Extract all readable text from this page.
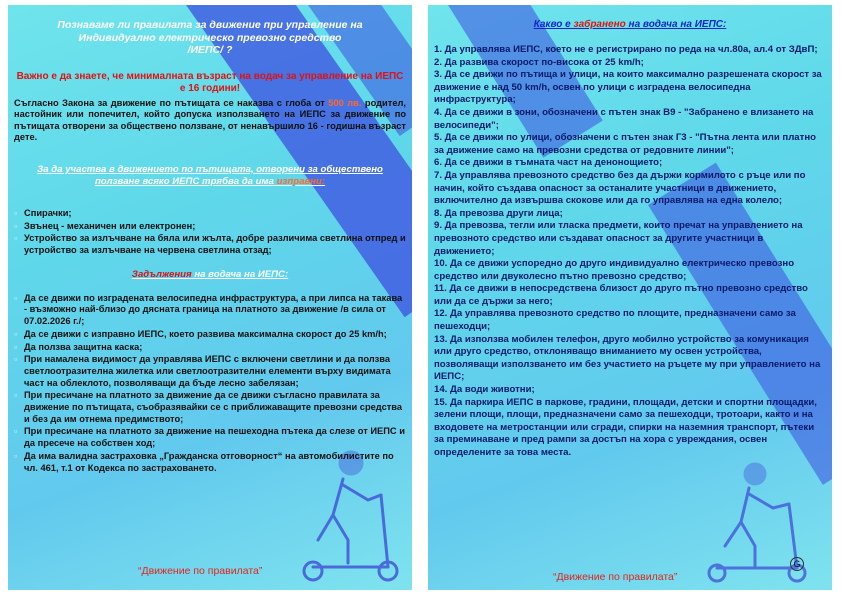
Познаваме ли правилата за движение при управление на
Индивидуално електрическо превозно средство
/ИЕПС/ ?
Важно е да знаете, че минималната възраст на водач за управление на ИЕПС е 16 години!
Съгласно Закона за движение по пътищата се наказва с глоба от 500 лв. родител, настойник или попечител, който допуска използването на ИЕПС за движение по пътищата отворени за обществено ползване, от ненавършило 16 - годишна възраст дете.
За да участва в движението по пътищата, отворени за обществено ползване всяко ИЕПС трябва да има изправни:
▫ Спирачки;
▫ Звънец - механичен или електронен;
▫ Устройство за излъчване на бяла или жълта, добре различима светлина отпред и устройство за излъчване на червена светлина отзад;
Задължения на водача на ИЕПС:
▫ Да се движи по изградената велосипедна инфраструктура, а при липса на такава - възможно най-близо до дясната граница на платното за движение /в сила от 07.02.2026 г./;
▫ Да се движи с изправно ИЕПС, което развива максимална скорост до 25 km/h;
▫ Да ползва защитна каска;
▫ При намалена видимост да управлява ИЕПС с включени светлини и да ползва светлоотразителна жилетка или светлоотразителни елементи върху видимата част на облеклото, позволяващи да бъде лесно забелязан;
▫ При пресичане на платното за движение да се движи съгласно правилата за движение по пътищата, съобразявайки се с приближаващите превозни средства и без да им отнема предимството;
▫ При пресичане на платното за движение на пешеходна пътека да слезе от ИЕПС и да пресече на собствен ход;
▫ Да има валидна застраховка „Гражданска отговорност“ на автомобилистите по чл. 461, т.1 от Кодекса по застраховането.
“Движение по правилата”
Какво е забранено на водача на ИЕПС:
1. Да управлява ИЕПС, което не е регистрирано по реда на чл.80а, ал.4 от ЗДвП;
2. Да развива скорост по-висока от 25 km/h;
3. Да се движи по пътища и улици, на които максимално разрешената скорост за движение е над 50 km/h, освен по улици с изградена велосипедна инфраструктура;
4. Да се движи в зони, обозначени с пътен знак В9 - "Забранено е влизането на велосипеди";
5. Да се движи по улици, обозначени с пътен знак Г3 - "Пътна лента или платно за движение само на превозни средства от редовните линии";
6. Да се движи в тъмната част на денонощието;
7. Да управлява превозното средство без да държи кормилото с ръце или по начин, който създава опасност за останалите участници в движението, включително да извършва скокове или да го управлява на една колело;
8. Да превозва други лица;
9. Да превозва, тегли или тласка предмети, които пречат на управлението на превозното средство или създават опасност за другите участници в движението;
10. Да се движи успоредно до друго индивидуално електрическо превозно средство или двуколесно пътно превозно средство;
11. Да се движи в непосредствена близост до друго пътно превозно средство или да се държи за него;
12. Да управлява превозното средство по площите, предназначени само за пешеходци;
13. Да използва мобилен телефон, друго мобилно устройство за комуникация или друго средство, отклоняващо вниманието му освен устройства, позволяващи използването им без участието на ръцете му при управлението на ИЕПС;
14. Да води животни;
15. Да паркира ИЕПС в паркове, градини, площади, детски и спортни площадки, зелени площи, площи, предназначени само за пешеходци, тротоари, както и на входовете на метростанции или сгради, спирки на наземния транспорт, пътеки за преминаване и пред рампи за достъп на хора с увреждания, освен определените за това места.
“Движение по правилата”
G
